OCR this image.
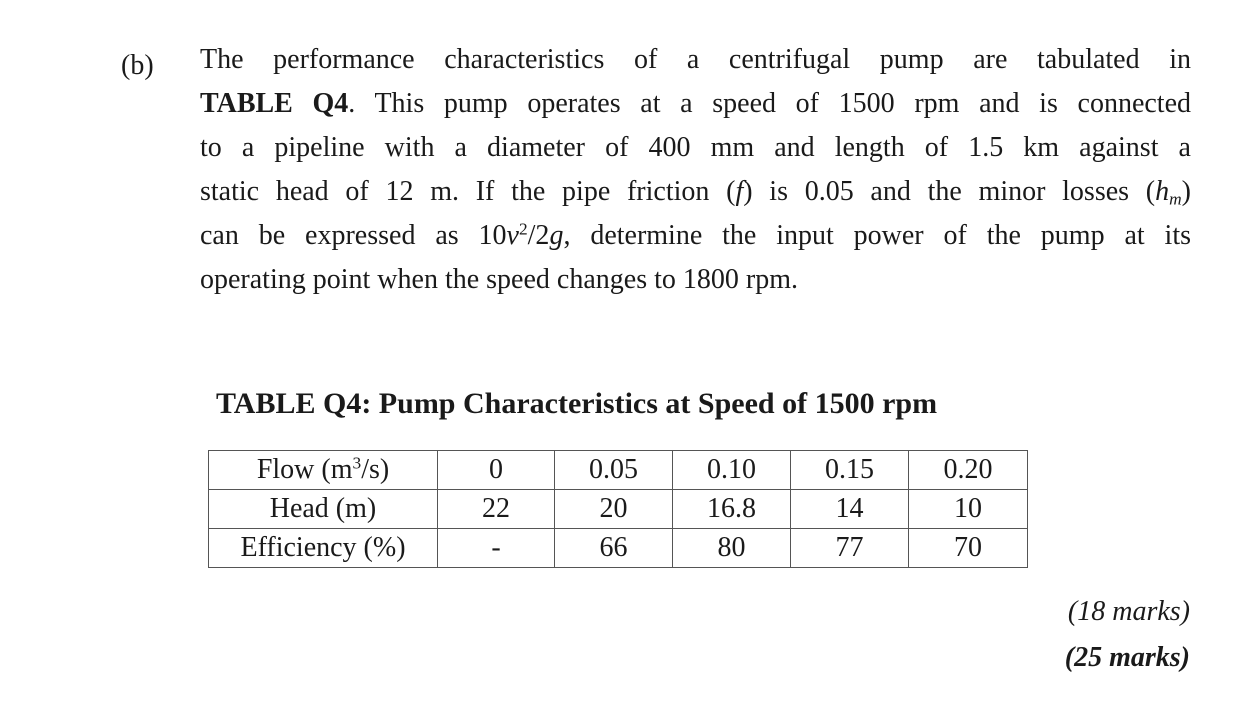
(b) The performance characteristics of a centrifugal pump are tabulated in
TABLE Q4. This pump operates at a speed of 1500 rpm and is connected
to a pipeline with a diameter of 400 mm and length of 1.5 km against a
static head of 12 m. If the pipe friction (f) is 0.05 and the minor losses $(h_m)$
can be expressed as $10v^2/2g$, determine the input power of the pump at its
operating point when the speed changes to 1800 rpm.
TABLE Q4: Pump Characteristics at Speed of 1500 rpm
Flow $(m^3/s)$	0	0.05	0.10	0.15	0.20
Head (m)	22	20	16.8	14	10
Efficiency (%)	-	66	80	77	70
(18 marks)
(25 marks)
